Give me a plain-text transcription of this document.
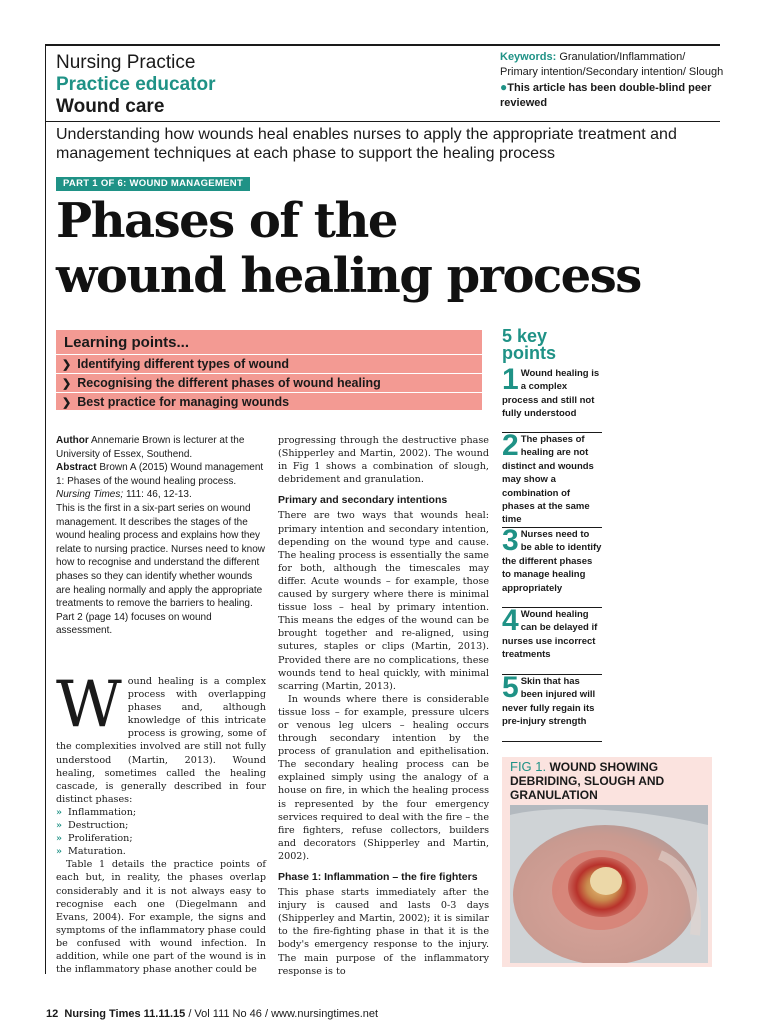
Nursing Practice
Practice educator
Wound care
Keywords: Granulation/Inflammation/ Primary intention/Secondary intention/ Slough
●This article has been double-blind peer reviewed
Understanding how wounds heal enables nurses to apply the appropriate treatment and management techniques at each phase to support the healing process
PART 1 OF 6: WOUND MANAGEMENT
Phases of the
wound healing process
Learning points...
❯ Identifying different types of wound
❯ Recognising the different phases of wound healing
❯ Best practice for managing wounds

Author Annemarie Brown is lecturer at the University of Essex, Southend.

Abstract Brown A (2015) Wound management 1: Phases of the wound healing process. Nursing Times; 111: 46, 12-13.

This is the first in a six-part series on wound management. It describes the stages of the wound healing process and explains how they relate to nursing practice. Nurses need to know how to recognise and understand the different phases so they can identify whether wounds are healing normally and apply the appropriate treatments to remove the barriers to healing. Part 2 (page 14) focuses on wound assessment.

W ound healing is a complex process with overlapping phases and, although knowledge of this intricate process is growing, some of the complexities involved are still not fully understood (Martin, 2013). Wound healing, sometimes called the healing cascade, is generally described in four distinct phases:

» Inflammation;
» Destruction;
» Proliferation;
» Maturation.

Table 1 details the practice points of each but, in reality, the phases overlap considerably and it is not always easy to recognise each one (Diegelmann and Evans, 2004). For example, the signs and symptoms of the inflammatory phase could be confused with wound infection. In addition, while one part of the wound is in the inflammatory phase another could be

progressing through the destructive phase (Shipperley and Martin, 2002). The wound in Fig 1 shows a combination of slough, debridement and granulation.

Primary and secondary intentions

There are two ways that wounds heal: primary intention and secondary intention, depending on the wound type and cause. The healing process is essentially the same for both, although the timescales may differ. Acute wounds – for example, those caused by surgery where there is minimal tissue loss – heal by primary intention. This means the edges of the wound can be brought together and re-aligned, using sutures, staples or clips (Martin, 2013). Provided there are no complications, these wounds tend to heal quickly, with minimal scarring (Martin, 2013).

In wounds where there is considerable tissue loss – for example, pressure ulcers or venous leg ulcers – healing occurs through secondary intention by the process of granulation and epithelisation. The secondary healing process can be explained simply using the analogy of a house on fire, in which the healing process is represented by the four emergency services required to deal with the fire – the fire fighters, refuse collectors, builders and decorators (Shipperley and Martin, 2002).

Phase 1: Inflammation – the fire fighters

This phase starts immediately after the injury is caused and lasts 0-3 days (Shipperley and Martin, 2002); it is similar to the fire-fighting phase in that it is the body's emergency response to the injury. The main purpose of the inflammatory response is to

5 key
points
1 Wound healing is a complex process and still not fully understood
2 The phases of healing are not distinct and wounds may show a combination of phases at the same time
3 Nurses need to be able to identify the different phases to manage healing appropriately
4 Wound healing can be delayed if nurses use incorrect treatments
5 Skin that has been injured will never fully regain its pre-injury strength
FIG 1. WOUND SHOWING DEBRIDING, SLOUGH AND GRANULATION
12 Nursing Times 11.11.15 / Vol 111 No 46 / www.nursingtimes.net
